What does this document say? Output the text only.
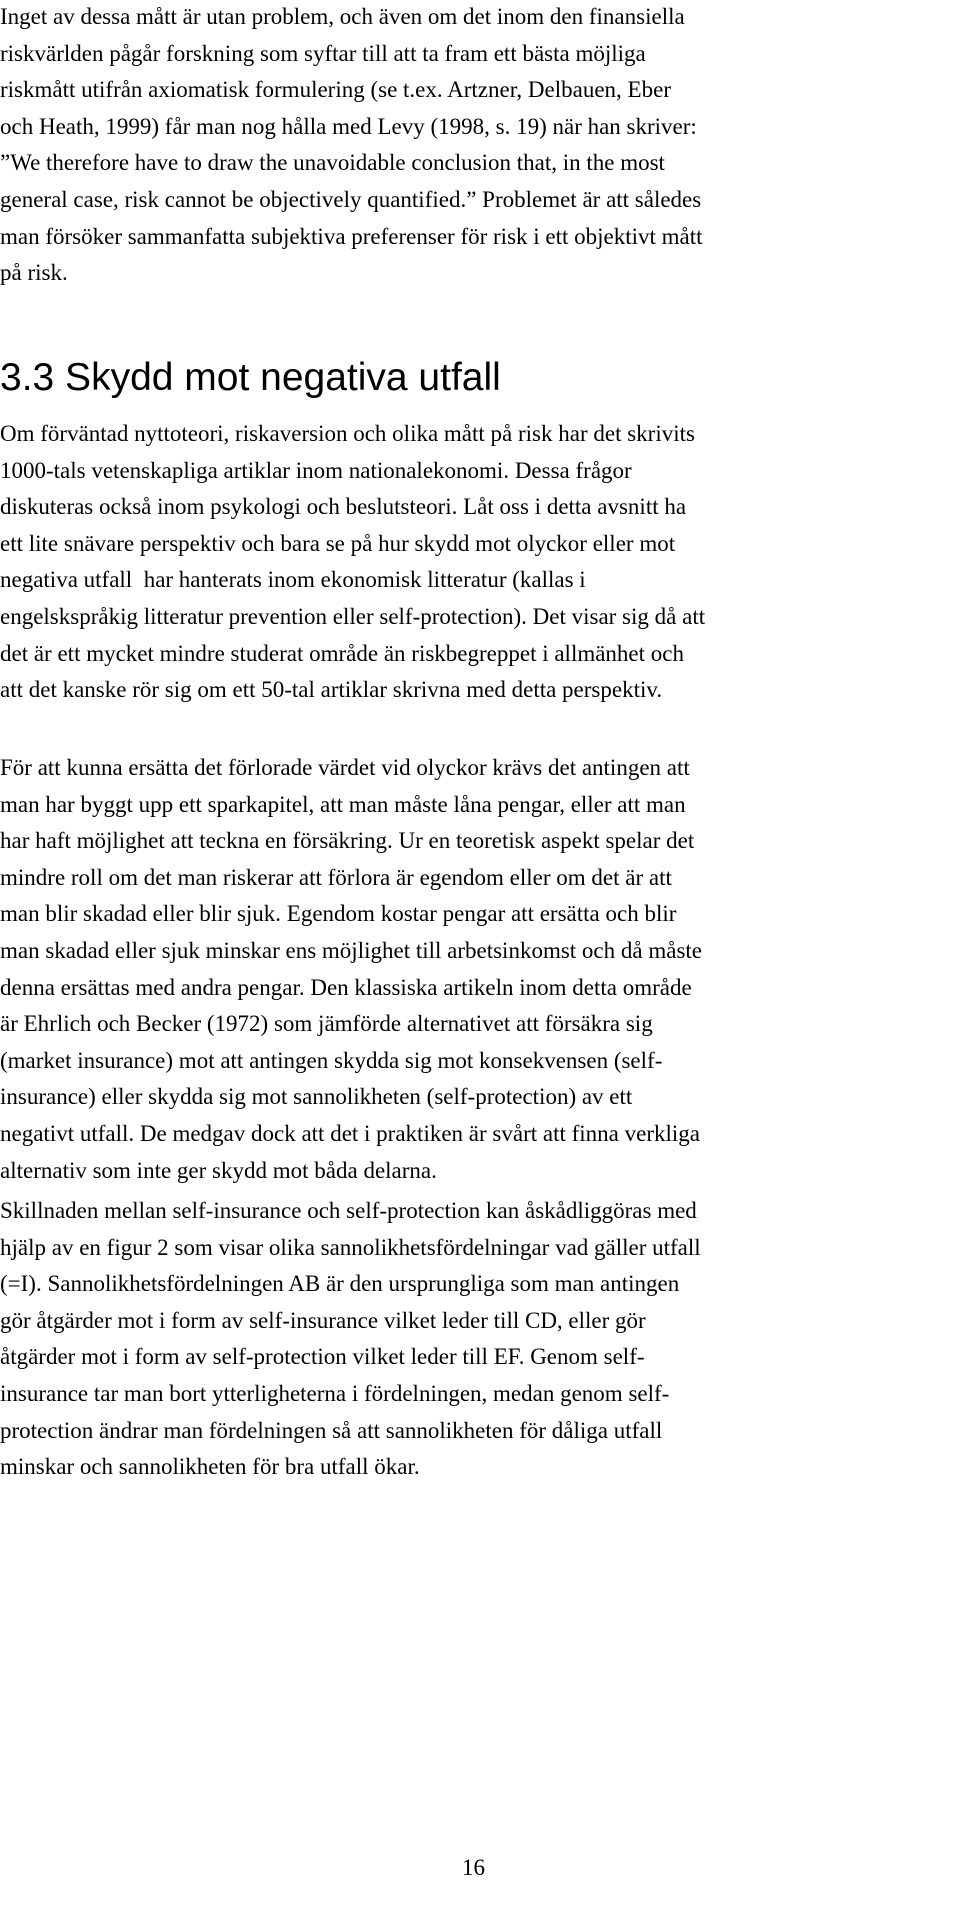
Inget av dessa mått är utan problem, och även om det inom den finansiella
riskvärlden pågår forskning som syftar till att ta fram ett bästa möjliga
riskmått utifrån axiomatisk formulering (se t.ex. Artzner, Delbauen, Eber
och Heath, 1999) får man nog hålla med Levy (1998, s. 19) när han skriver:
”We therefore have to draw the unavoidable conclusion that, in the most
general case, risk cannot be objectively quantified.” Problemet är att således
man försöker sammanfatta subjektiva preferenser för risk i ett objektivt mått
på risk.

3.3 Skydd mot negativa utfall

Om förväntad nyttoteori, riskaversion och olika mått på risk har det skrivits
1000-tals vetenskapliga artiklar inom nationalekonomi. Dessa frågor
diskuteras också inom psykologi och beslutsteori. Låt oss i detta avsnitt ha
ett lite snävare perspektiv och bara se på hur skydd mot olyckor eller mot
negativa utfall  har hanterats inom ekonomisk litteratur (kallas i
engelskspråkig litteratur prevention eller self-protection). Det visar sig då att
det är ett mycket mindre studerat område än riskbegreppet i allmänhet och
att det kanske rör sig om ett 50-tal artiklar skrivna med detta perspektiv.

För att kunna ersätta det förlorade värdet vid olyckor krävs det antingen att
man har byggt upp ett sparkapitel, att man måste låna pengar, eller att man
har haft möjlighet att teckna en försäkring. Ur en teoretisk aspekt spelar det
mindre roll om det man riskerar att förlora är egendom eller om det är att
man blir skadad eller blir sjuk. Egendom kostar pengar att ersätta och blir
man skadad eller sjuk minskar ens möjlighet till arbetsinkomst och då måste
denna ersättas med andra pengar. Den klassiska artikeln inom detta område
är Ehrlich och Becker (1972) som jämförde alternativet att försäkra sig
(market insurance) mot att antingen skydda sig mot konsekvensen (self-
insurance) eller skydda sig mot sannolikheten (self-protection) av ett
negativt utfall. De medgav dock att det i praktiken är svårt att finna verkliga
alternativ som inte ger skydd mot båda delarna.

Skillnaden mellan self-insurance och self-protection kan åskådliggöras med
hjälp av en figur 2 som visar olika sannolikhetsfördelningar vad gäller utfall
(=I). Sannolikhetsfördelningen AB är den ursprungliga som man antingen
gör åtgärder mot i form av self-insurance vilket leder till CD, eller gör
åtgärder mot i form av self-protection vilket leder till EF. Genom self-
insurance tar man bort ytterligheterna i fördelningen, medan genom self-
protection ändrar man fördelningen så att sannolikheten för dåliga utfall
minskar och sannolikheten för bra utfall ökar.

16
